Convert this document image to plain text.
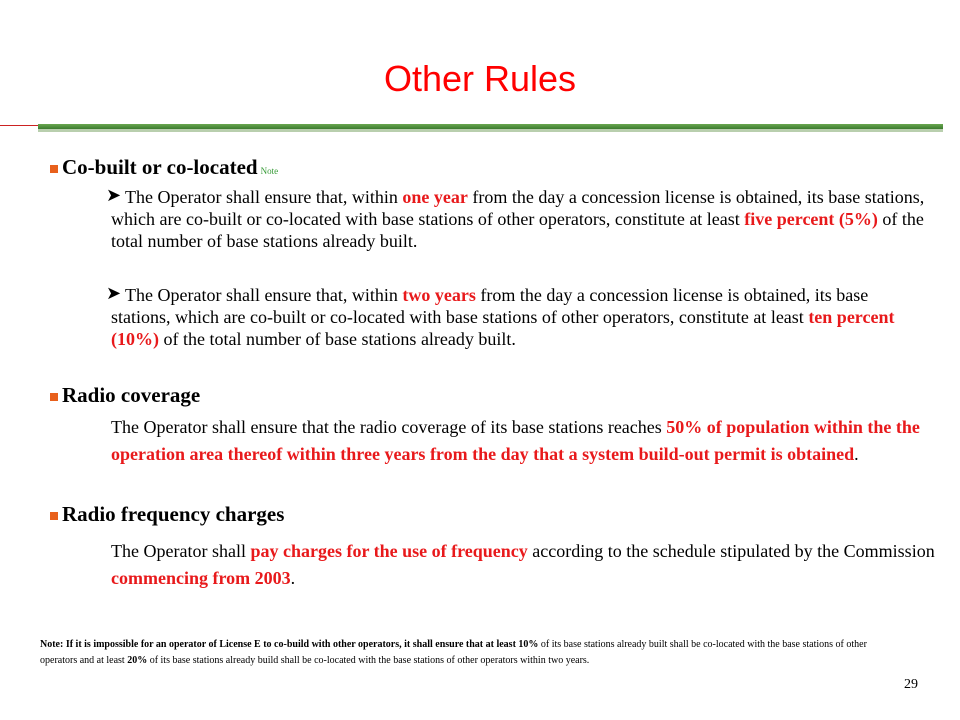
Other Rules
Co-built or co-located Note
➤ The Operator shall ensure that, within one year from the day a concession license is obtained, its base stations, which are co-built or co-located with base stations of other operators, constitute at least five percent (5%) of the total number of base stations already built.

➤ The Operator shall ensure that, within two years from the day a concession license is obtained, its base stations, which are co-built or co-located with base stations of other operators, constitute at least ten percent (10%) of the total number of base stations already built.

Radio coverage

The Operator shall ensure that the radio coverage of its base stations reaches 50% of population within the the operation area thereof within three years from the day that a system build-out permit is obtained.

Radio frequency charges

The Operator shall pay charges for the use of frequency according to the schedule stipulated by the Commission commencing from 2003.

Note: If it is impossible for an operator of License E to co-build with other operators, it shall ensure that at least 10% of its base stations already built shall be co-located with the base stations of other operators and at least 20% of its base stations already build shall be co-located with the base stations of other operators within two years.
29
